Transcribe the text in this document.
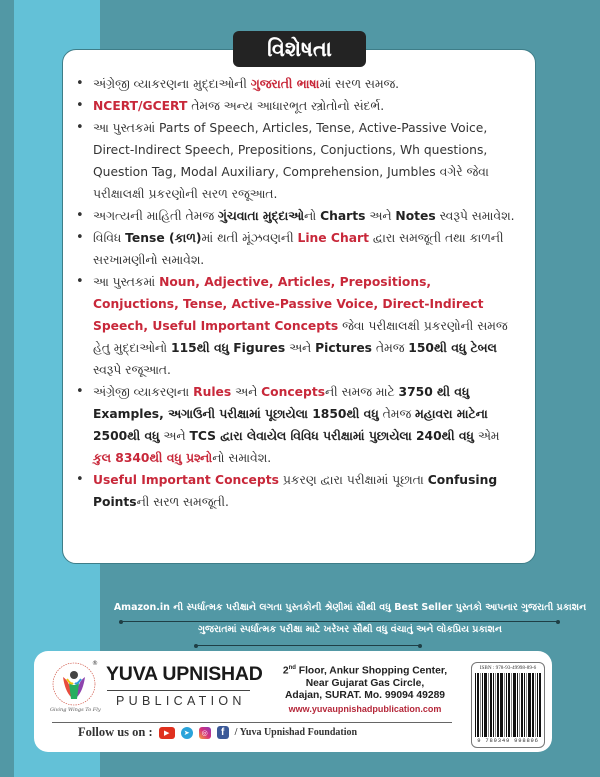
વિશેષતા
• અંગ્રેજી વ્યાકરણના મુદ્દાઓની ગુજરાતી ભાષામાં સરળ સમજ.
• NCERT/GCERT તેમજ અન્ય આધારભૂત સ્ત્રોતોનો સંદર્ભ.
• આ પુસ્તકમાં Parts of Speech, Articles, Tense, Active-Passive Voice, Direct-Indirect Speech, Prepositions, Conjuctions, Wh questions, Question Tag, Modal Auxiliary, Comprehension, Jumbles વગેરે જેવા પરીક્ષાલક્ષી પ્રકરણોની સરળ રજૂઆત.
• અગત્યની માહિતી તેમજ ગુંચવાતા મુદ્દાઓનો Charts અને Notes સ્વરૂપે સમાવેશ.
• વિવિધ Tense (કાળ)માં થતી મૂંઝવણની Line Chart દ્વારા સમજૂતી તથા કાળની સરખામણીનો સમાવેશ.
• આ પુસ્તકમાં Noun, Adjective, Articles, Prepositions, Conjuctions, Tense, Active-Passive Voice, Direct-Indirect Speech, Useful Important Concepts જેવા પરીક્ષાલક્ષી પ્રકરણોની સમજ હેતુ મુદ્દાઓનો 115થી વધુ Figures અને Pictures તેમજ 150થી વધુ ટેબલ સ્વરૂપે રજૂઆત.
• અંગ્રેજી વ્યાકરણના Rules અને Conceptsની સમજ માટે 3750 થી વધુ Examples, અગાઉની પરીક્ષામાં પૂછાયેલા 1850થી વધુ તેમજ મહાવરા માટેના 2500થી વધુ અને TCS દ્વારા લેવાયેલ વિવિધ પરીક્ષામાં પુછાયેલા 240થી વધુ એમ કુલ 8340થી વધુ પ્રશ્નોનો સમાવેશ.
• Useful Important Concepts પ્રકરણ દ્વારા પરીક્ષામાં પૂછાતા Confusing Pointsની સરળ સમજૂતી.
Amazon.in ની સ્પર્ધાત્મક પરીક્ષાને લગતા પુસ્તકોની શ્રેણીમાં સૌથી વધુ Best Seller પુસ્તકો આપનાર ગુજરાતી પ્રકાશન
ગુજરાતમાં સ્પર્ધાત્મક પરીક્ષા માટે ખરેખર સૌથી વધુ વંચાતું અને લોકપ્રિય પ્રકાશન
®
Giving Wings To Fly
YUVA UPNISHAD
PUBLICATION
2nd Floor, Ankur Shopping Center,
Near Gujarat Gas Circle,
Adajan, SURAT. Mo. 99094 49289
www.yuvaupnishadpublication.com
ISBN : 978-93-49998-89-6
9 789349 998896
Follow us on :	▶	➤	◎	f	/ Yuva Upnishad Foundation
